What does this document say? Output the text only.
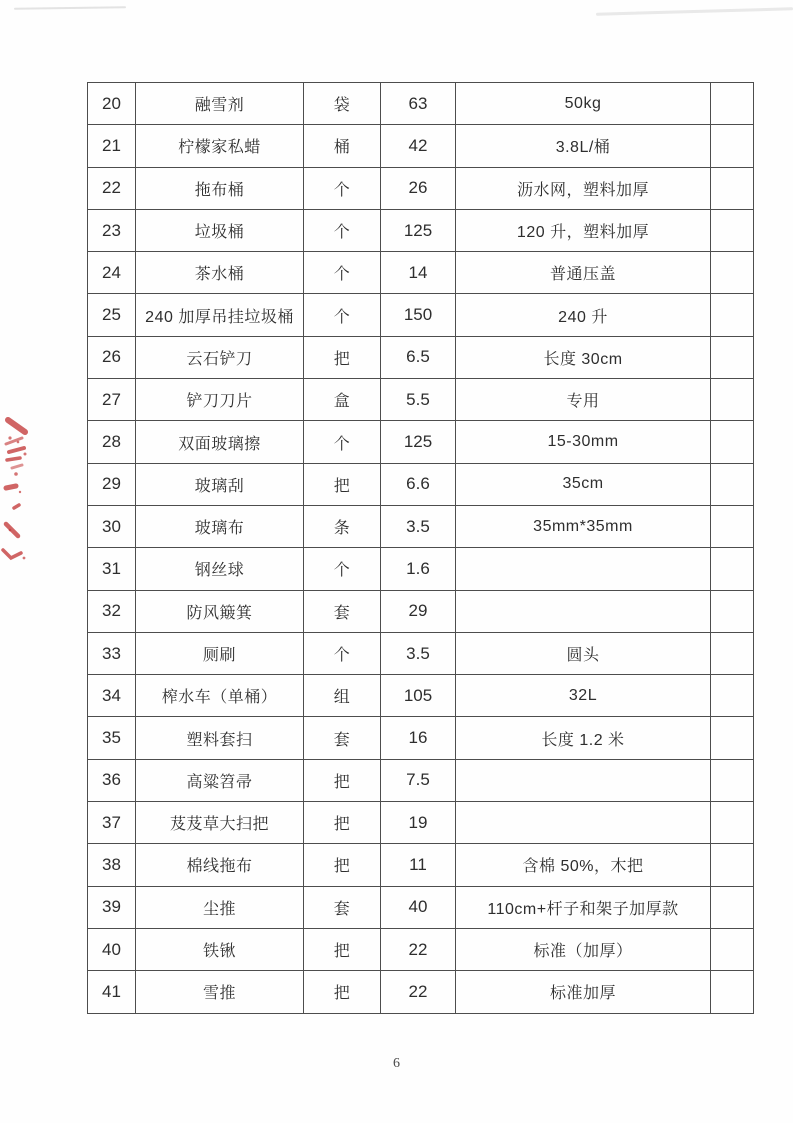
20	融雪剂	袋	63	50kg	
21	柠檬家私蜡	桶	42	3.8L/桶	
22	拖布桶	个	26	沥水网，塑料加厚	
23	垃圾桶	个	125	120 升，塑料加厚	
24	茶水桶	个	14	普通压盖	
25	240 加厚吊挂垃圾桶	个	150	240 升	
26	云石铲刀	把	6.5	长度 30cm	
27	铲刀刀片	盒	5.5	专用	
28	双面玻璃擦	个	125	15-30mm	
29	玻璃刮	把	6.6	35cm	
30	玻璃布	条	3.5	35mm*35mm	
31	钢丝球	个	1.6		
32	防风簸箕	套	29		
33	厕刷	个	3.5	圆头	
34	榨水车（单桶）	组	105	32L	
35	塑料套扫	套	16	长度 1.2 米	
36	高粱笤帚	把	7.5		
37	芨芨草大扫把	把	19		
38	棉线拖布	把	11	含棉 50%，木把	
39	尘推	套	40	110cm+杆子和架子加厚款	
40	铁锹	把	22	标准（加厚）	
41	雪推	把	22	标准加厚	
6
